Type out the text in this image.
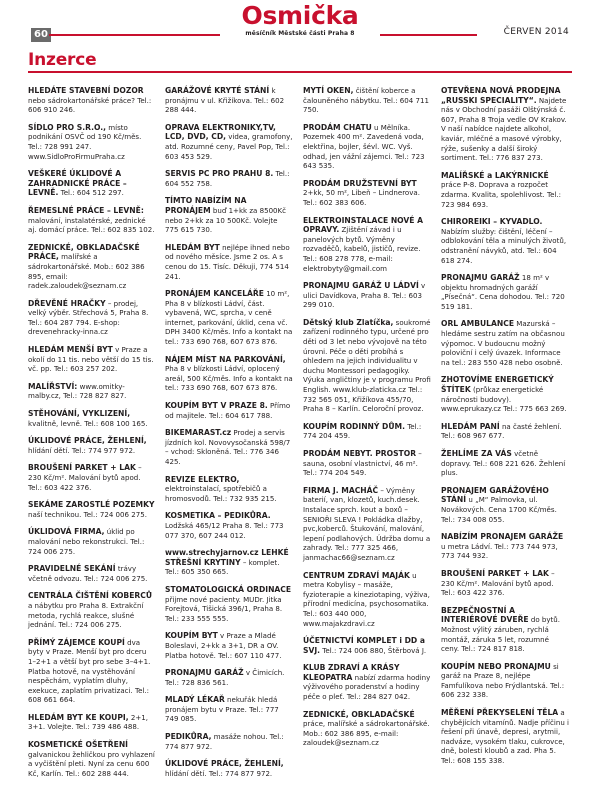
60
Osmička
měsíčník Městské části Praha 8	ČERVEN 2014
Inzerce
HLEDÁTE STAVEBNÍ DOZOR nebo sádrokartonářské práce? Tel.: 606 910 246.
SÍDLO PRO S.R.O., místo podnikání OSVČ od 190 Kč/měs. Tel.: 728 991 247. www.SidloProFirmuPraha.cz
VEŠKERÉ ÚKLIDOVÉ A ZAHRADNICKÉ PRÁCE – LEVNĚ. Tel.: 604 512 297.
ŘEMESLNÉ PRÁCE – LEVNĚ: malování, instalatérské, zednické aj. domácí práce. Tel.: 602 835 102.
ZEDNICKÉ, OBKLADAČSKÉ PRÁCE, malířské a sádrokartonářské. Mob.: 602 386 895, email: radek.zaloudek@seznam.cz
DŘEVĚNÉ HRAČKY – prodej, velký výběr. Střechová 5, Praha 8. Tel.: 604 287 794. E-shop: drevenehracky-inna.cz
HLEDÁM MENŠÍ BYT v Praze a okolí do 11 tis. nebo větší do 15 tis. vč. pp. Tel.: 603 257 202.
MALÍŘSTVÍ: www.omitky-malby.cz, Tel.: 728 827 827.
STĚHOVÁNÍ, VYKLIZENÍ, kvalitně, levně. Tel.: 608 100 165.
ÚKLIDOVÉ PRÁCE, ŽEHLENÍ, hlídání dětí. Tel.: 774 977 972.
BROUŠENÍ PARKET + LAK – 230 Kč/m². Malování bytů apod. Tel.: 603 422 376.
SEKÁME ZAROSTLÉ POZEMKY naší technikou. Tel.: 724 006 275.
ÚKLIDOVÁ FIRMA, úklid po malování nebo rekonstrukci. Tel.: 724 006 275.
PRAVIDELNÉ SEKÁNÍ trávy včetně odvozu. Tel.: 724 006 275.
CENTRÁLA ČIŠTĚNÍ KOBERCŮ a nábytku pro Praha 8. Extrakční metoda, rychlá reakce, slušné jednání. Tel.: 724 006 275.
PŘÍMÝ ZÁJEMCE KOUPÍ dva byty v Praze. Menší byt pro dceru 1–2+1 a větší byt pro sebe 3–4+1. Platba hotově, na vystěhování nespěchám, vyplatím dluhy, exekuce, zaplatím privatizaci. Tel.: 608 661 664.
HLEDÁM BYT KE KOUPI, 2+1, 3+1. Volejte. Tel.: 739 486 488.
KOSMETICKÉ OŠETŘENÍ galvanickou žehličkou pro vyhlazení a vyčištění pleti. Nyní za cenu 600 Kč, Karlín. Tel.: 602 288 444.
GARÁŽOVÉ KRYTÉ STÁNÍ k pronájmu v ul. Křižíkova. Tel.: 602 288 444.
OPRAVA ELEKTRONIKY,TV, LCD, DVD, CD, videa, gramofony, atd. Rozumné ceny, Pavel Pop, Tel.: 603 453 529.
SERVIS PC PRO PRAHU 8. Tel.: 604 552 758.
TÍMTO NABÍZÍM NA PRONÁJEM buď 1+kk za 8500Kč nebo 2+kk za 10 500Kč. Volejte 775 615 730.
HLEDÁM BYT nejlépe ihned nebo od nového měsíce. Jsme 2 os. A s cenou do 15. Tisíc. Děkuji, 774 514 241.
PRONÁJEM KANCELÁŘE 10 m², Pha 8 v blízkosti Ládví, část. vybavená, WC, sprcha, v ceně internet, parkování, úklid, cena vč. DPH 3400 Kč/měs. Info a kontakt na tel.: 733 690 768, 607 673 876.
NÁJEM MÍST NA PARKOVÁNÍ, Pha 8 v blízkosti Ládví, oplocený areál, 500 Kč/měs. Info a kontakt na tel.: 733 690 768, 607 673 876.
KOUPÍM BYT V PRAZE 8. Přímo od majitele. Tel.: 604 617 788.
BIKEMARAST.cz Prodej a servis jízdních kol. Novovysočanská 598/7 – vchod: Skloněná. Tel.: 776 346 425.
REVIZE ELEKTRO, elektroinstalací, spotřebičů a hromosvodů. Tel.: 732 935 215.
KOSMETIKA – PEDIKŮRA. Lodžská 465/12 Praha 8. Tel.: 773 077 370, 607 244 012.
www.strechyjarnov.cz LEHKÉ STŘEŠNÍ KRYTINY – komplet. Tel.: 605 350 665.
STOMATOLOGICKÁ ORDINACE přijme nové pacienty. MUDr. Jitka Forejtová, Tišická 396/1, Praha 8. Tel.: 233 555 555.
KOUPÍM BYT v Praze a Mladé Boleslavi, 2+kk a 3+1, DR a OV. Platba hotově. Tel.: 607 110 477.
PRONAJMU GARÁŽ v Čimicích. Tel.: 728 836 561.
MLADÝ LÉKAŘ nekuřák hledá pronájem bytu v Praze. Tel.: 777 749 085.
PEDIKŮRA, masáže nohou. Tel.: 774 877 972.
ÚKLIDOVÉ PRÁCE, ŽEHLENÍ, hlídání dětí. Tel.: 774 877 972.
MYTÍ OKEN, čištění koberce a čalouněného nábytku. Tel.: 604 711 750.
PRODÁM CHATU u Mělníka. Pozemek 400 m². Zavedená voda, elektřina, bojler, šévl. WC. Vyš. odhad, jen vážní zájemci. Tel.: 723 643 535.
PRODÁM DRUŽSTEVNÍ BYT 2+kk, 50 m², Libeň – Lindnerova. Tel.: 602 383 606.
ELEKTROINSTALACE NOVÉ A OPRAVY. Zjištění závad i u panelových bytů. Výměny rozvaděčů, kabelů, jističů, revize. Tel.: 608 278 778, e-mail: elektrobyty@gmail.com
PRONAJMU GARÁŽ U LÁDVÍ v ulici Davídkova, Praha 8. Tel.: 603 299 010.
Dětský klub Zlatíčka, soukromé zařízení rodinného typu, určené pro děti od 3 let nebo vývojově na této úrovni. Péče o děti probíhá s ohledem na jejich individualitu v duchu Montessori pedagogiky. Výuka angličtiny je v programu Profi English. www.klub-zlaticka.cz Tel.: 732 565 051, Křižíkova 455/70, Praha 8 – Karlín. Celoroční provoz.
KOUPÍM RODINNÝ DŮM. Tel.: 774 204 459.
PRODÁM NEBYT. PROSTOR – sauna, osobní vlastnictví, 46 m². Tel.: 774 204 549.
FIRMA J. MACHÁČ – Výměny baterií, van, klozetů, kuch.desek. Instalace sprch. kout a boxů – SENIOŘI SLEVA ! Pokládka dlažby, pvc,koberců. Štukování, malování, lepení podlahových. Údržba domu a zahrady. Tel.: 777 325 466, janmachac66@seznam.cz
CENTRUM ZDRAVÍ MAJÁK u metra Kobylisy – masáže, fyzioterapie a kineziotaping, výživa, přírodní medicína, psychosomatika. Tel.: 603 440 000, www.majakzdravi.cz
ÚČETNICTVÍ KOMPLET i DD a SVJ. Tel.: 724 006 880, Štěrbová J.
KLUB ZDRAVÍ A KRÁSY KLEOPATRA nabízí zdarma hodiny výživového poradenství a hodiny péče o pleť. Tel.: 284 827 042.
ZEDNICKÉ, OBKLADAČSKÉ práce, malířské a sádrokartonářské. Mob.: 602 386 895, e-mail: zaloudek@seznam.cz
OTEVŘENA NOVÁ PRODEJNA „RUSSKI SPECIALITY“. Najdete nás v Obchodní pasáži Olštýnská č. 607, Praha 8 Troja vedle OV Krakov. V naší nabídce najdete alkohol, kaviár, mléčné a masové výrobky, rýže, sušenky a další široký sortiment. Tel.: 776 837 273.
MALÍŘSKÉ a LAKÝRNICKÉ práce P-8. Doprava a rozpočet zdarma. Kvalita, spolehlivost. Tel.: 723 984 693.
CHIROREIKI – KYVADLO. Nabízím služby: čištění, léčení – odblokování těla a minulých životů, odstranění návyků, atd. Tel.: 604 618 274.
PRONAJMU GARÁŽ 18 m² v objektu hromadných garáží „Písečná“. Cena dohodou. Tel.: 720 519 181.
ORL AMBULANCE Mazurská – hledáme sestru zatím na občasnou výpomoc. V budoucnu možný poloviční i celý úvazek. Informace na tel.: 283 550 428 nebo osobně.
ZHOTOVÍME ENERGETICKÝ ŠTÍTEK (průkaz energetické náročnosti budovy). www.eprukazy.cz Tel.: 775 663 269.
HLEDÁM PANÍ na časté žehlení. Tel.: 608 967 677.
ŽEHLÍME ZA VÁS včetně dopravy. Tel.: 608 221 626. Žehlení plus.
PRONAJEM GARÁŽOVÉHO STÁNÍ u „M“ Palmovka, ul. Novákových. Cena 1700 Kč/měs. Tel.: 734 008 055.
NABÍZÍM PRONAJEM GARÁŽE u metra Ládví. Tel.: 773 744 973, 773 744 932.
BROUŠENÍ PARKET + LAK – 230 Kč/m². Malování bytů apod. Tel.: 603 422 376.
BEZPEČNOSTNÍ A INTERIÉROVÉ DVEŘE do bytů. Možnost výlitý záruben, rychlá montáž, záruka 5 let, rozumné ceny. Tel.: 724 817 818.
KOUPÍM NEBO PRONAJMU si garáž na Praze 8, nejlépe Famfulíkova nebo Frýdlantská. Tel.: 606 232 338.
MĚŘENÍ PŘEKYSELENÍ TĚLA a chybějících vitamínů. Nadje příčinu i řešení při únavě, depresi, arytmii, nadváze, vysokém tlaku, cukrovce, dně, bolesti kloubů a zad. Pha 5. Tel.: 608 155 338.
